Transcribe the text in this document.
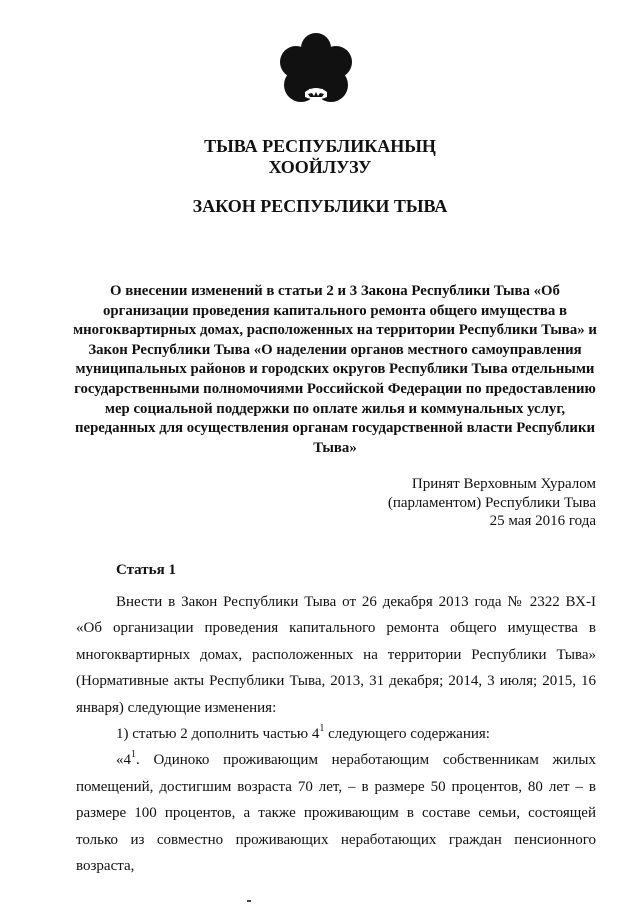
ТЫВА РЕСПУБЛИКАНЫҢ
ХООЙЛУЗУ
ЗАКОН РЕСПУБЛИКИ ТЫВА

О внесении изменений в статьи 2 и 3 Закона Республики Тыва «Об организации проведения капитального ремонта общего имущества в многоквартирных домах, расположенных на территории Республики Тыва» и Закон Республики Тыва «О наделении органов местного самоуправления муниципальных районов и городских округов Республики Тыва отдельными государственными полномочиями Российской Федерации по предоставлению мер социальной поддержки по оплате жилья и коммунальных услуг, переданных для осуществления органам государственной власти Республики Тыва»

Принят Верховным Хуралом
(парламентом) Республики Тыва
25 мая 2016 года
Статья 1

Внести в Закон Республики Тыва от 26 декабря 2013 года № 2322 ВХ-I «Об организации проведения капитального ремонта общего имущества в многоквартирных домах, расположенных на территории Республики Тыва» (Нормативные акты Республики Тыва, 2013, 31 декабря; 2014, 3 июля; 2015, 16 января) следующие изменения:

1) статью 2 дополнить частью $4^1$ следующего содержания:

«$4^1$. Одиноко проживающим неработающим собственникам жилых помещений, достигшим возраста 70 лет, – в размере 50 процентов, 80 лет – в размере 100 процентов, а также проживающим в составе семьи, состоящей только из совместно проживающих неработающих граждан пенсионного возраста,
